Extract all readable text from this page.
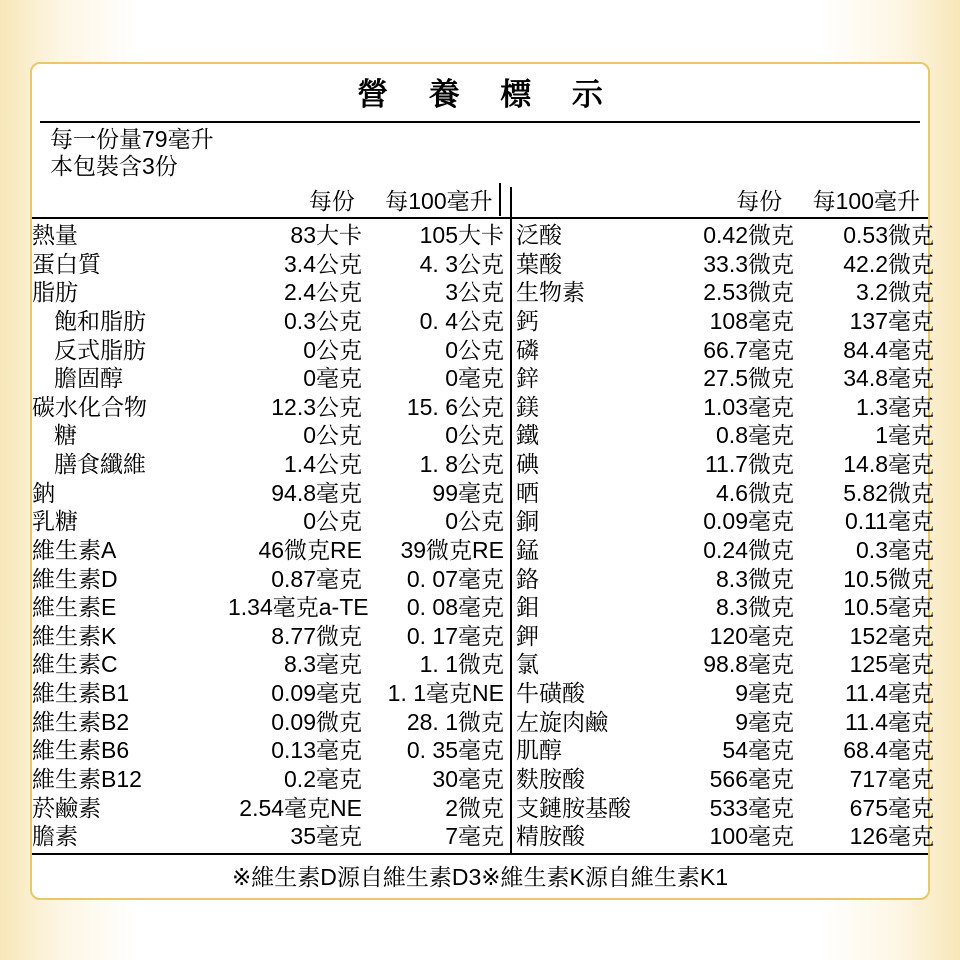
營 養 標 示
每一份量79毫升
本包裝含3份
每份	每100毫升	每份	每100毫升
熱量	83大卡	105大卡
蛋白質	3.4公克	4. 3公克
脂肪	2.4公克	3公克
飽和脂肪	0.3公克	0. 4公克
反式脂肪	0公克	0公克
膽固醇	0毫克	0毫克
碳水化合物	12.3公克	15. 6公克
糖	0公克	0公克
膳食纖維	1.4公克	1. 8公克
鈉	94.8毫克	99毫克
乳糖	0公克	0公克
維生素A	46微克RE	39微克RE
維生素D	0.87毫克	0. 07毫克
維生素E	1.34毫克a-TE	0. 08毫克
維生素K	8.77微克	0. 17毫克
維生素C	8.3毫克	1. 1微克
維生素B1	0.09毫克	1. 1毫克NE
維生素B2	0.09微克	28. 1微克
維生素B6	0.13毫克	0. 35毫克
維生素B12	0.2毫克	30毫克
菸鹼素	2.54毫克NE	2微克
膽素	35毫克	7毫克
泛酸	0.42微克	0.53微克
葉酸	33.3微克	42.2微克
生物素	2.53微克	3.2微克
鈣	108毫克	137毫克
磷	66.7毫克	84.4毫克
鋅	27.5微克	34.8毫克
鎂	1.03毫克	1.3毫克
鐵	0.8毫克	1毫克
碘	11.7微克	14.8毫克
晒	4.6微克	5.82微克
銅	0.09毫克	0.11毫克
錳	0.24微克	0.3毫克
鉻	8.3微克	10.5微克
鉬	8.3微克	10.5毫克
鉀	120毫克	152毫克
氯	98.8毫克	125毫克
牛磺酸	9毫克	11.4毫克
左旋肉鹼	9毫克	11.4毫克
肌醇	54毫克	68.4毫克
麩胺酸	566毫克	717毫克
支鏈胺基酸	533毫克	675毫克
精胺酸	100毫克	126毫克
※維生素D源自維生素D3※維生素K源自維生素K1
